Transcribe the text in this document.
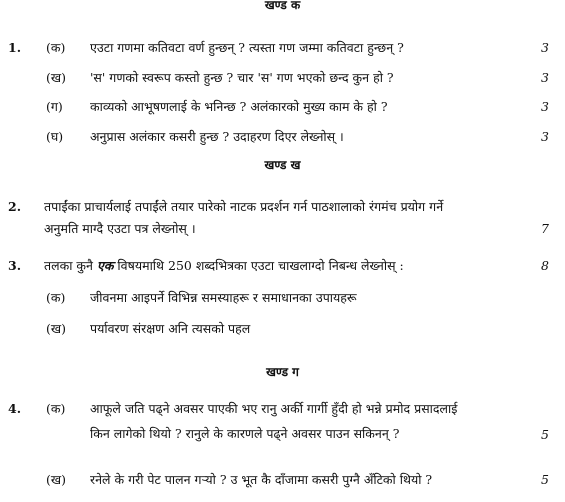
खण्ड क
1. (क) एउटा गणमा कतिवटा वर्ण हुन्छन् ? त्यस्ता गण जम्मा कतिवटा हुन्छन् ?	3
(ख) 'स' गणको स्वरूप कस्तो हुन्छ ? चार 'स' गण भएको छन्द कुन हो ?	3
(ग) काव्यको आभूषणलाई के भनिन्छ ? अलंकारको मुख्य काम के हो ?	3
(घ) अनुप्रास अलंकार कसरी हुन्छ ? उदाहरण दिएर लेख्नोस् ।	3
खण्ड ख
2. तपाईंका प्राचार्यलाई तपाईंले तयार पारेको नाटक प्रदर्शन गर्न पाठशालाको रंगमंच प्रयोग गर्ने
अनुमति माग्दै एउटा पत्र लेख्नोस् ।	7
3. तलका कुनै एक विषयमाथि 250 शब्दभित्रका एउटा चाखलाग्दो निबन्ध लेख्नोस् :	8
(क) जीवनमा आइपर्ने विभिन्न समस्याहरू र समाधानका उपायहरू
(ख) पर्यावरण संरक्षण अनि त्यसको पहल
खण्ड ग
4. (क) आफूले जति पढ्ने अवसर पाएकी भए रानु अर्की गार्गी हुँदी हो भन्ने प्रमोद प्रसादलाई
किन लागेको थियो ? रानुले के कारणले पढ्ने अवसर पाउन सकिनन् ?	5
(ख) रनेले के गरी पेट पालन गर्‍यो ? उ भूत कै दाँजामा कसरी पुग्नै अँटिको थियो ?	5
